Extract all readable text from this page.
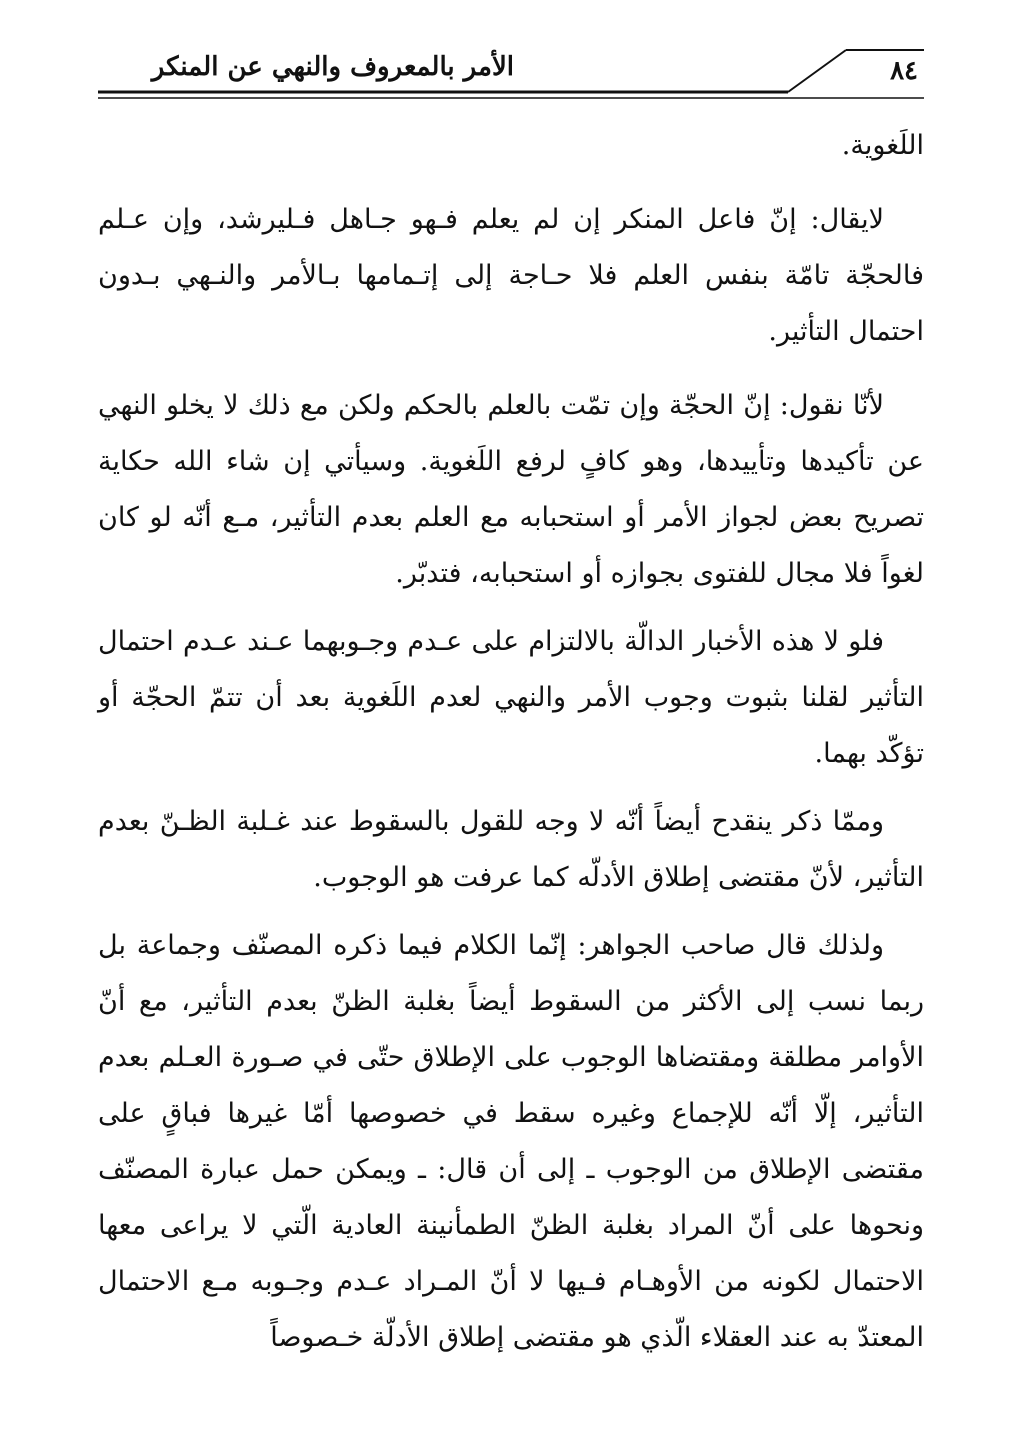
الأمر بالمعروف والنهي عن المنكر	٨٤

اللَغوية.

لايقال: إنّ فاعل المنكر إن لم يعلم فـهو جـاهل فـليرشد، وإن عـلم فالحجّة تامّة بنفس العلم فلا حـاجة إلى إتـمامها بـالأمر والنـهي بـدون احتمال التأثير.

لأنّا نقول: إنّ الحجّة وإن تمّت بالعلم بالحكم ولكن مع ذلك لا يخلو النهي عن تأكيدها وتأييدها، وهو كافٍ لرفع اللَغوية. وسيأتي إن شاء الله حكاية تصريح بعض لجواز الأمر أو استحبابه مع العلم بعدم التأثير، مـع أنّه لو كان لغواً فلا مجال للفتوى بجوازه أو استحبابه، فتدبّر.

فلو لا هذه الأخبار الدالّة بالالتزام على عـدم وجـوبهما عـند عـدم احتمال التأثير لقلنا بثبوت وجوب الأمر والنهي لعدم اللَغوية بعد أن تتمّ الحجّة أو تؤكّد بهما.

وممّا ذكر ينقدح أيضاً أنّه لا وجه للقول بالسقوط عند غـلبة الظـنّ بعدم التأثير، لأنّ مقتضى إطلاق الأدلّه كما عرفت هو الوجوب.

ولذلك قال صاحب الجواهر: إنّما الكلام فيما ذكره المصنّف وجماعة بل ربما نسب إلى الأكثر من السقوط أيضاً بغلبة الظنّ بعدم التأثير، مع أنّ الأوامر مطلقة ومقتضاها الوجوب على الإطلاق حتّى في صـورة العـلم بعدم التأثير، إلّا أنّه للإجماع وغيره سقط في خصوصها أمّا غيرها فباقٍ على مقتضى الإطلاق من الوجوب ـ إلى أن قال: ـ ويمكن حمل عبارة المصنّف ونحوها على أنّ المراد بغلبة الظنّ الطمأنينة العادية الّتي لا يراعى معها الاحتمال لكونه من الأوهـام فـيها لا أنّ المـراد عـدم وجـوبه مـع الاحتمال المعتدّ به عند العقلاء الّذي هو مقتضى إطلاق الأدلّة خـصوصاً
